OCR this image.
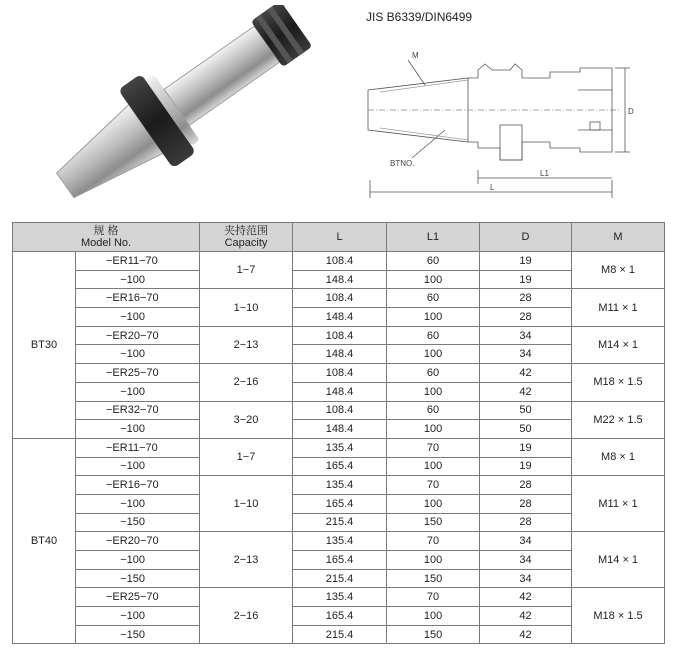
JIS B6339/DIN6499
M
BTNO.
L
L1
D
规 格
Model No.		夹持范围
Capacity	L	L1	D	M
BT30	−ER11−70	1−7	108.4	60	19	M8 × 1
	−100		148.4	100	19	
	−ER16−70	1−10	108.4	60	28	M11 × 1
	−100		148.4	100	28	
	−ER20−70	2−13	108.4	60	34	M14 × 1
	−100		148.4	100	34	
	−ER25−70	2−16	108.4	60	42	M18 × 1.5
	−100		148.4	100	42	
	−ER32−70	3−20	108.4	60	50	M22 × 1.5
	−100		148.4	100	50	
BT40	−ER11−70	1−7	135.4	70	19	M8 × 1
	−100		165.4	100	19	
	−ER16−70	1−10	135.4	70	28	M11 × 1
	−100		165.4	100	28	
	−150		215.4	150	28	
	−ER20−70	2−13	135.4	70	34	M14 × 1
	−100		165.4	100	34	
	−150		215.4	150	34	
	−ER25−70	2−16	135.4	70	42	M18 × 1.5
	−100		165.4	100	42	
	−150		215.4	150	42	
